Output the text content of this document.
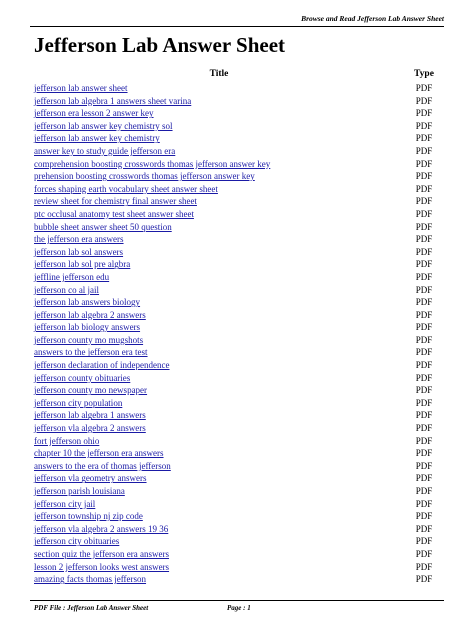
Browse and Read Jefferson Lab Answer Sheet
Jefferson Lab Answer Sheet
Title	Type
jefferson lab answer sheet	PDF
jefferson lab algebra 1 answers sheet varina	PDF
jefferson era lesson 2 answer key	PDF
jefferson lab answer key chemistry sol	PDF
jefferson lab answer key chemistry	PDF
answer key to study guide jefferson era	PDF
comprehension boosting crosswords thomas jefferson answer key	PDF
prehension boosting crosswords thomas jefferson answer key	PDF
forces shaping earth vocabulary sheet answer sheet	PDF
review sheet for chemistry final answer sheet	PDF
ptc occlusal anatomy test sheet answer sheet	PDF
bubble sheet answer sheet 50 question	PDF
the jefferson era answers	PDF
jefferson lab sol answers	PDF
jefferson lab sol pre algbra	PDF
jeffline jefferson edu	PDF
jefferson co al jail	PDF
jefferson lab answers biology	PDF
jefferson lab algebra 2 answers	PDF
jefferson lab biology answers	PDF
jefferson county mo mugshots	PDF
answers to the jefferson era test	PDF
jefferson declaration of independence	PDF
jefferson county obituaries	PDF
jefferson county mo newspaper	PDF
jefferson city population	PDF
jefferson lab algebra 1 answers	PDF
jefferson vla algebra 2 answers	PDF
fort jefferson ohio	PDF
chapter 10 the jefferson era answers	PDF
answers to the era of thomas jefferson	PDF
jefferson vla geometry answers	PDF
jefferson parish louisiana	PDF
jefferson city jail	PDF
jefferson township nj zip code	PDF
jefferson vla algebra 2 answers 19 36	PDF
jefferson city obituaries	PDF
section quiz the jefferson era answers	PDF
lesson 2 jefferson looks west answers	PDF
amazing facts thomas jefferson	PDF
PDF File : Jefferson Lab Answer Sheet	Page : 1
